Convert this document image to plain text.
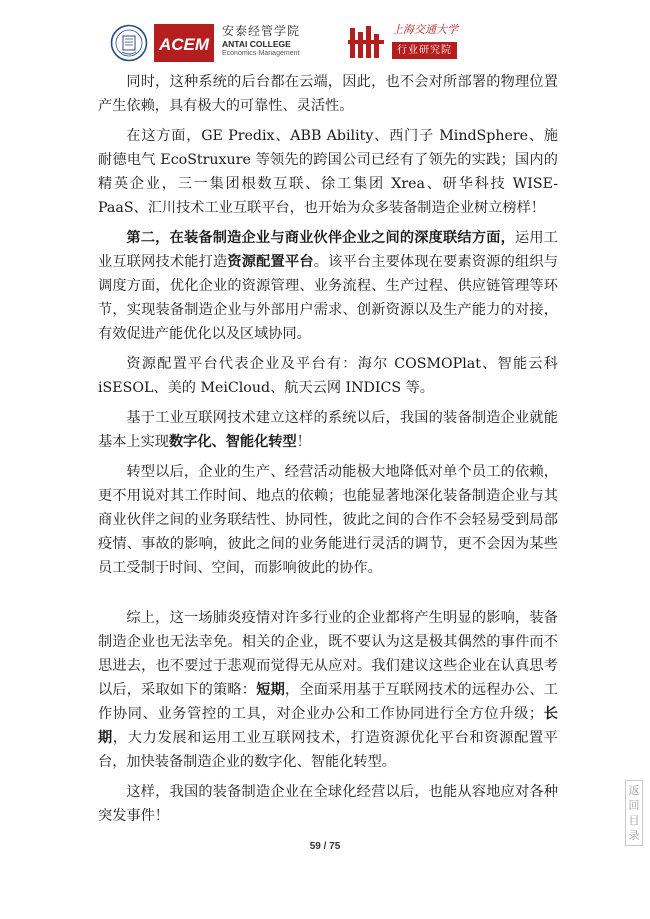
ACEM
安泰经管学院
ANTAI COLLEGE
Economics·Management
上海交通大学
行业研究院

同时，这种系统的后台都在云端，因此，也不会对所部署的物理位置产生依赖，具有极大的可靠性、灵活性。

在这方面，GE Predix、ABB Ability、西门子 MindSphere、施耐德电气 EcoStruxure 等领先的跨国公司已经有了领先的实践；国内的精英企业，三一集团根数互联、徐工集团 Xrea、研华科技 WISE-PaaS、汇川技术工业互联平台，也开始为众多装备制造企业树立榜样！

第二，在装备制造企业与商业伙伴企业之间的深度联结方面，运用工业互联网技术能打造资源配置平台。该平台主要体现在要素资源的组织与调度方面，优化企业的资源管理、业务流程、生产过程、供应链管理等环节，实现装备制造企业与外部用户需求、创新资源以及生产能力的对接，有效促进产能优化以及区域协同。

资源配置平台代表企业及平台有：海尔 COSMOPlat、智能云科 iSESOL、美的 MeiCloud、航天云网 INDICS 等。

基于工业互联网技术建立这样的系统以后，我国的装备制造企业就能基本上实现数字化、智能化转型！

转型以后，企业的生产、经营活动能极大地降低对单个员工的依赖，更不用说对其工作时间、地点的依赖；也能显著地深化装备制造企业与其商业伙伴之间的业务联结性、协同性，彼此之间的合作不会轻易受到局部疫情、事故的影响，彼此之间的业务能进行灵活的调节，更不会因为某些员工受制于时间、空间，而影响彼此的协作。

综上，这一场肺炎疫情对许多行业的企业都将产生明显的影响，装备制造企业也无法幸免。相关的企业，既不要认为这是极其偶然的事件而不思进去，也不要过于悲观而觉得无从应对。我们建议这些企业在认真思考以后，采取如下的策略：短期，全面采用基于互联网技术的远程办公、工作协同、业务管控的工具，对企业办公和工作协同进行全方位升级；长期，大力发展和运用工业互联网技术，打造资源优化平台和资源配置平台，加快装备制造企业的数字化、智能化转型。

这样，我国的装备制造企业在全球化经营以后，也能从容地应对各种突发事件！

59 / 75
返回目录
